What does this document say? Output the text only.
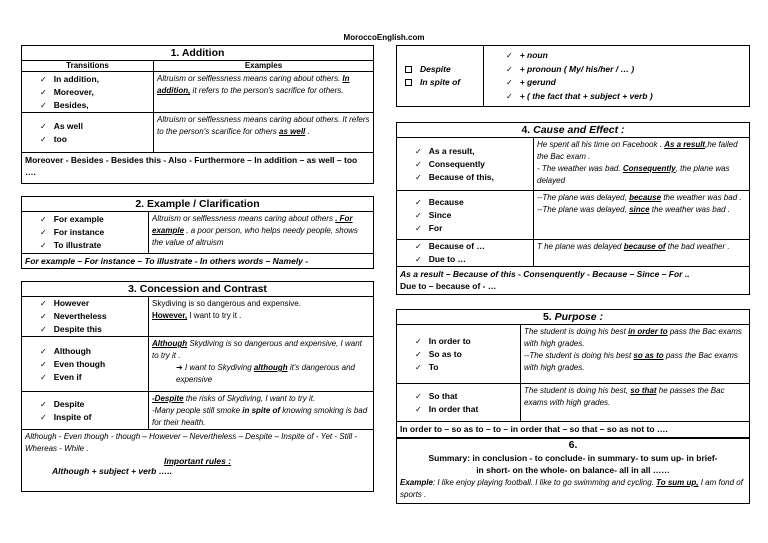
MoroccoEnglish.com
1. Addition
Transitions	Examples
✓ In addition,
✓ Moreover,
✓ Besides,
Altruism or selflessness means caring about others. In addition, it refers to the person's sacrifice for others.
✓ As well
✓ too
Altruism or selflessness means caring about others. It refers to the person's scarifice for others as well .
Moreover - Besides - Besides this - Also - Furthermore – In addition – as well – too ….
2. Example / Clarification
✓ For example
✓ For instance
✓ To illustrate
Altruism or selflessness means caring about others . For example , a poor person, who helps needy people, shows the value of altruism
For example – For instance – To illustrate - In others words – Namely -
3. Concession and Contrast
✓ However
✓ Nevertheless
✓ Despite this
Skydiving is so dangerous and expensive.
However, I want to try it .
✓ Although
✓ Even though
✓ Even if
Although Skydiving is so dangerous and expensive, I want to try it .
➔ I want to Skydiving although it's dangerous and expensive
✓ Despite
✓ Inspite of
-Despite the risks of Skydiving, I want to try it.
-Many people still smoke in spite of knowing smoking is bad for their health.
Although - Even though - though – However – Nevertheless – Despite – Inspite of - Yet - Still - Whereas - While .
Important rules :
Although + subject + verb …..
Despite
In spite of
✓ + noun
✓ + pronoun ( My/ his/her / … )
✓ + gerund
✓ + ( the fact that + subject + verb )
4. Cause and Effect :
✓ As a result,
✓ Consequently
✓ Because of this,
He spent all his time on Facebook . As a result,he failed the Bac exam .
- The weather was bad. Consequently, the plane was delayed
✓ Because
✓ Since
✓ For
--The plane was delayed, because the weather was bad .
--The plane was delayed, since the weather was bad .
✓ Because of …
✓ Due to …
T he plane was delayed because of the bad weather .
As a result – Because of this - Consenquently - Because – Since – For ..
Due to – because of - …
5. Purpose :
✓ In order to
✓ So as to
✓ To
The student is doing his best in order to pass the Bac exams with high grades.
--The student is doing his best so as to pass the Bac exams with high grades.
✓ So that
✓ In order that
The student is doing his best, so that he passes the Bac exams with high grades.
In order to – so as to – to – in order that – so that – so as not to ….
6.
Summary: in conclusion - to conclude- in summary- to sum up- in brief- in short- on the whole- on balance- all in all ……
Example: I like enjoy playing football. I like to go swimming and cycling. To sum up, I am fond of sports .
